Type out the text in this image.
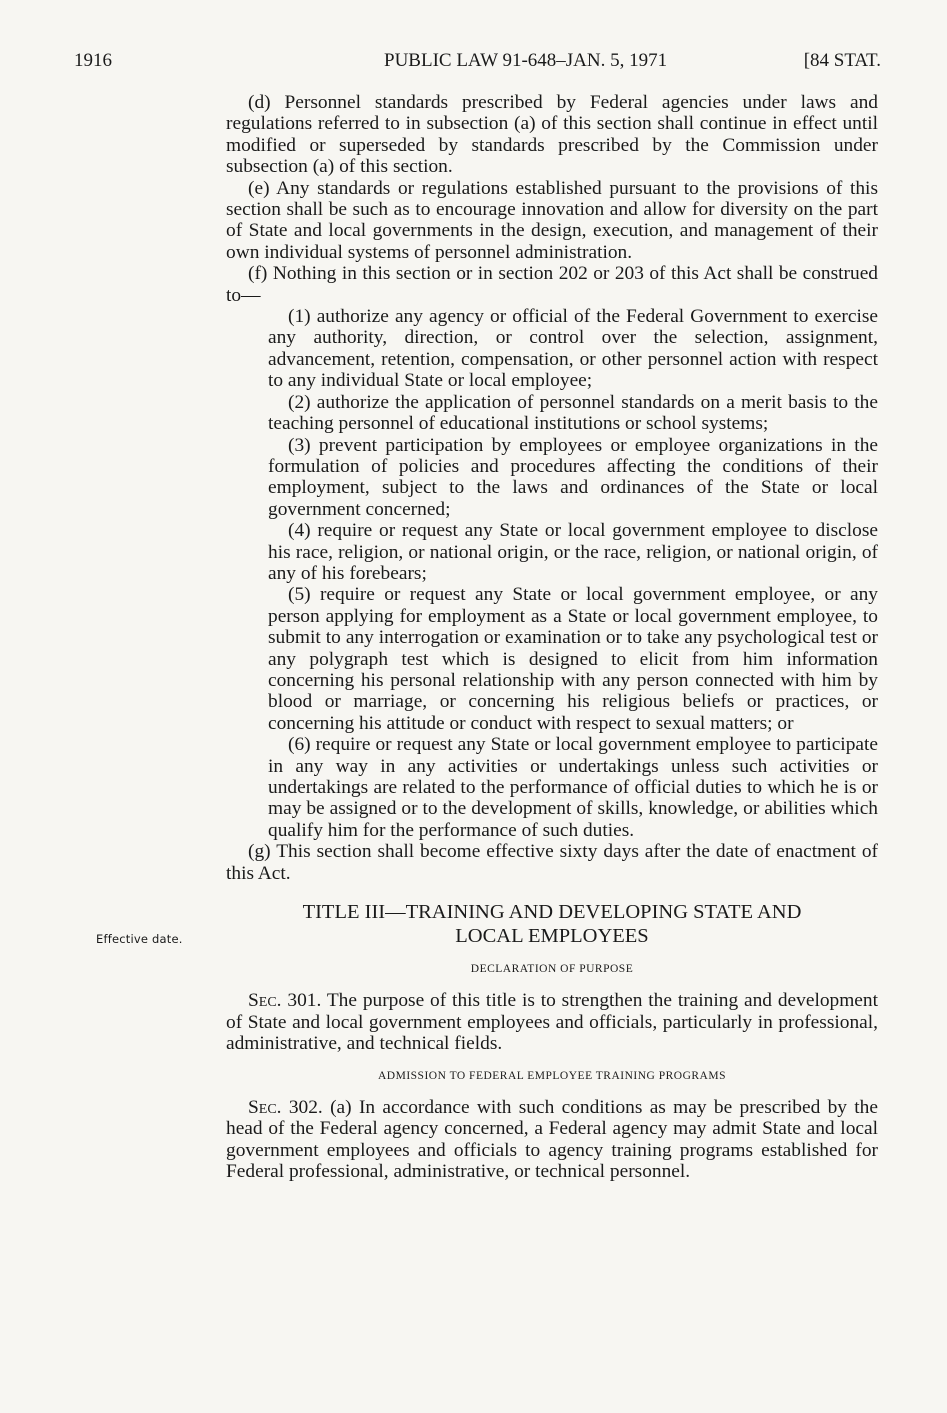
1916	PUBLIC LAW 91-648–JAN. 5, 1971	[84 STAT.
Effective date.

(d) Personnel standards prescribed by Federal agencies under laws and regulations referred to in subsection (a) of this section shall continue in effect until modified or superseded by standards prescribed by the Commission under subsection (a) of this section.

(e) Any standards or regulations established pursuant to the provisions of this section shall be such as to encourage innovation and allow for diversity on the part of State and local governments in the design, execution, and management of their own individual systems of personnel administration.

(f) Nothing in this section or in section 202 or 203 of this Act shall be construed to—

(1) authorize any agency or official of the Federal Government to exercise any authority, direction, or control over the selection, assignment, advancement, retention, compensation, or other personnel action with respect to any individual State or local employee;

(2) authorize the application of personnel standards on a merit basis to the teaching personnel of educational institutions or school systems;

(3) prevent participation by employees or employee organizations in the formulation of policies and procedures affecting the conditions of their employment, subject to the laws and ordinances of the State or local government concerned;

(4) require or request any State or local government employee to disclose his race, religion, or national origin, or the race, religion, or national origin, of any of his forebears;

(5) require or request any State or local government employee, or any person applying for employment as a State or local government employee, to submit to any interrogation or examination or to take any psychological test or any polygraph test which is designed to elicit from him information concerning his personal relationship with any person connected with him by blood or marriage, or concerning his religious beliefs or practices, or concerning his attitude or conduct with respect to sexual matters; or

(6) require or request any State or local government employee to participate in any way in any activities or undertakings unless such activities or undertakings are related to the performance of official duties to which he is or may be assigned or to the development of skills, knowledge, or abilities which qualify him for the performance of such duties.

(g) This section shall become effective sixty days after the date of enactment of this Act.

TITLE III—TRAINING AND DEVELOPING STATE AND
LOCAL EMPLOYEES
DECLARATION OF PURPOSE

Sec. 301. The purpose of this title is to strengthen the training and development of State and local government employees and officials, particularly in professional, administrative, and technical fields.

ADMISSION TO FEDERAL EMPLOYEE TRAINING PROGRAMS

Sec. 302. (a) In accordance with such conditions as may be prescribed by the head of the Federal agency concerned, a Federal agency may admit State and local government employees and officials to agency training programs established for Federal professional, administrative, or technical personnel.
